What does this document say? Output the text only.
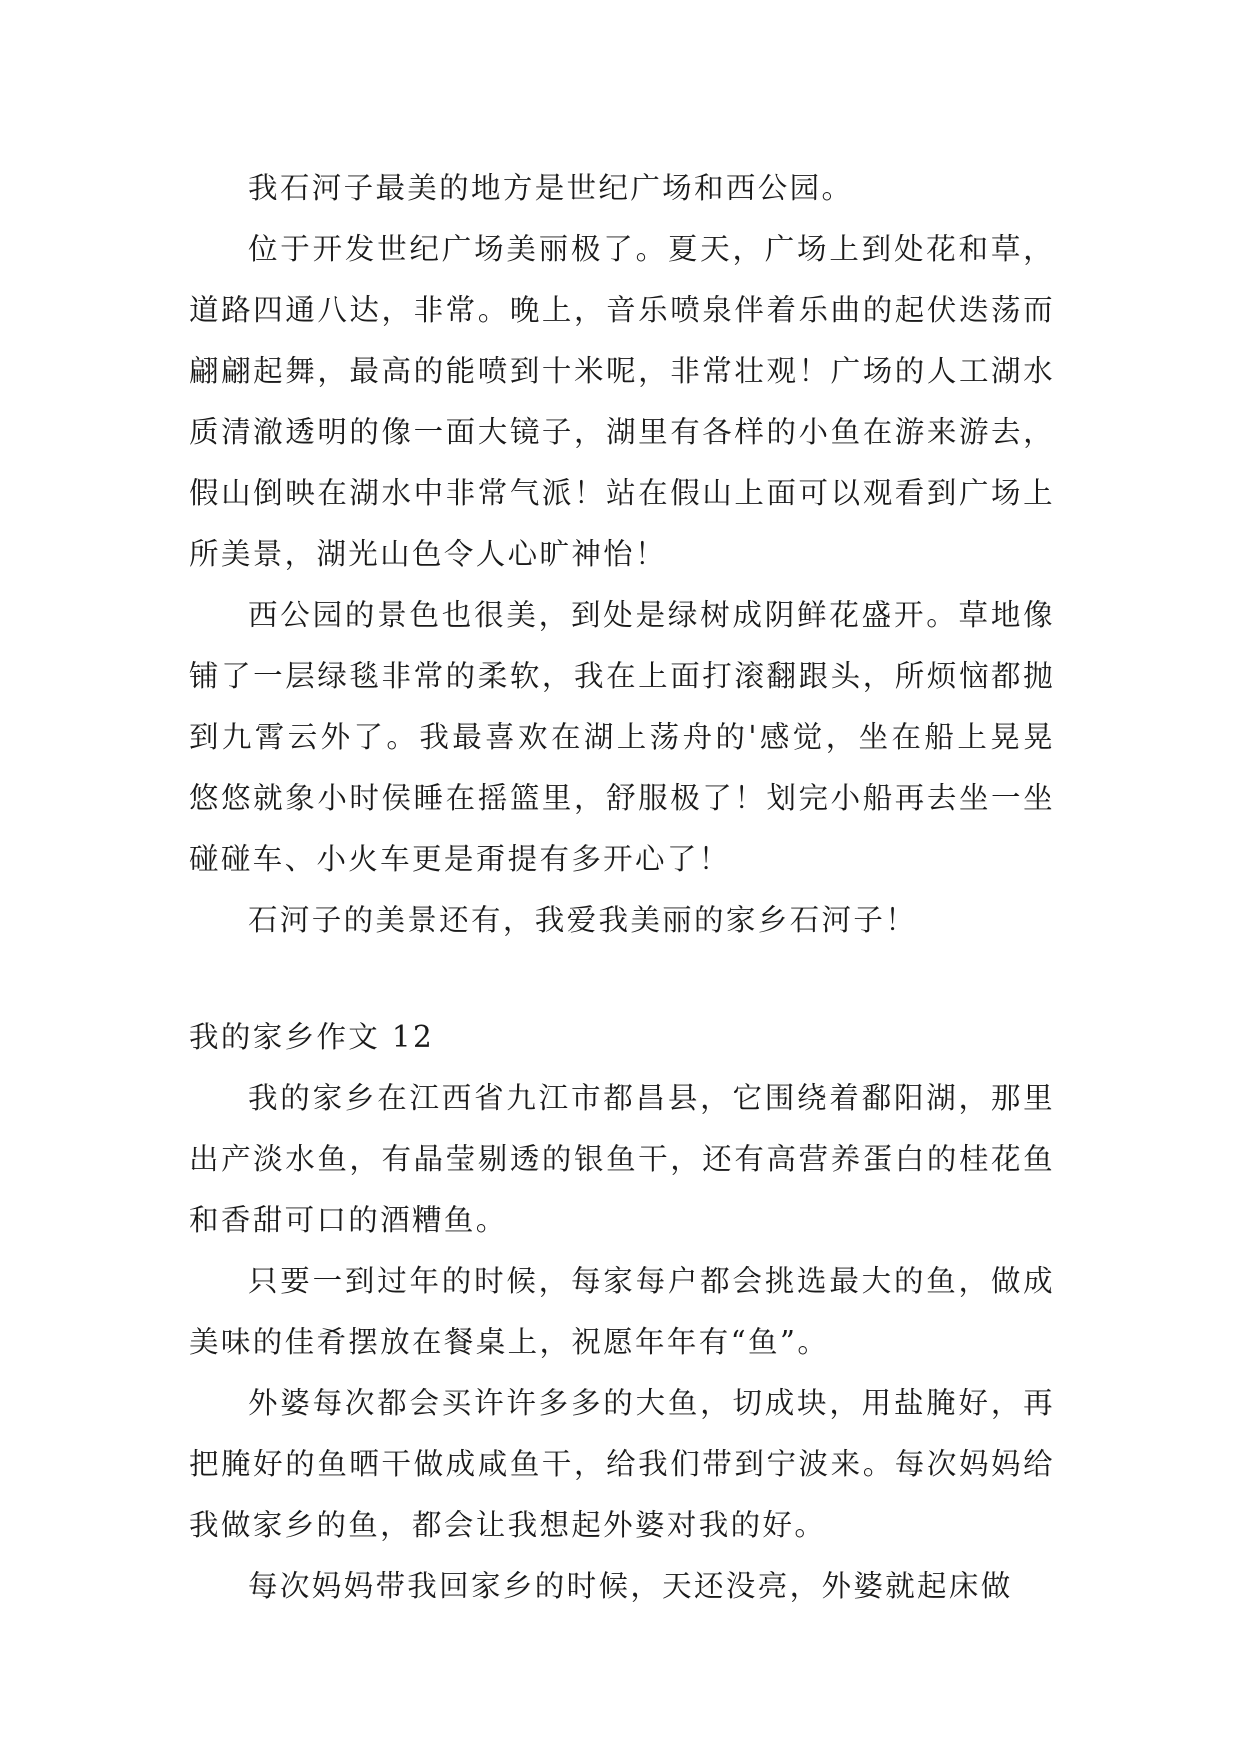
我石河子最美的地方是世纪广场和西公园。

位于开发世纪广场美丽极了。夏天，广场上到处花和草，道路四通八达，非常。晚上，音乐喷泉伴着乐曲的起伏迭荡而翩翩起舞，最高的能喷到十米呢，非常壮观！广场的人工湖水质清澈透明的像一面大镜子，湖里有各样的小鱼在游来游去，假山倒映在湖水中非常气派！站在假山上面可以观看到广场上所美景，湖光山色令人心旷神怡！

西公园的景色也很美，到处是绿树成阴鲜花盛开。草地像铺了一层绿毯非常的柔软，我在上面打滚翻跟头，所烦恼都抛到九霄云外了。我最喜欢在湖上荡舟的'感觉，坐在船上晃晃悠悠就象小时侯睡在摇篮里，舒服极了！划完小船再去坐一坐碰碰车、小火车更是甭提有多开心了！

石河子的美景还有，我爱我美丽的家乡石河子！

我的家乡作文 12

我的家乡在江西省九江市都昌县，它围绕着鄱阳湖，那里出产淡水鱼，有晶莹剔透的银鱼干，还有高营养蛋白的桂花鱼和香甜可口的酒糟鱼。

只要一到过年的时候，每家每户都会挑选最大的鱼，做成美味的佳肴摆放在餐桌上，祝愿年年有“鱼”。

外婆每次都会买许许多多的大鱼，切成块，用盐腌好，再把腌好的鱼晒干做成咸鱼干，给我们带到宁波来。每次妈妈给我做家乡的鱼，都会让我想起外婆对我的好。

每次妈妈带我回家乡的时候，天还没亮，外婆就起床做
